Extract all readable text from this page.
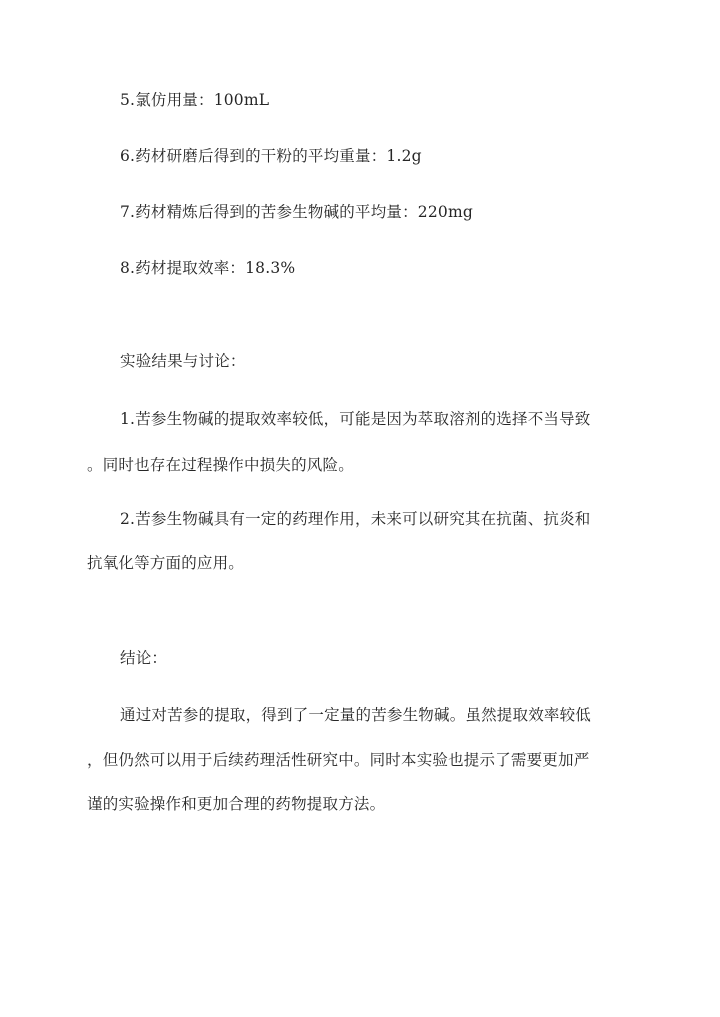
5.氯仿用量：100mL
6.药材研磨后得到的干粉的平均重量：1.2g
7.药材精炼后得到的苦参生物碱的平均量：220mg
8.药材提取效率：18.3%
实验结果与讨论：
1.苦参生物碱的提取效率较低，可能是因为萃取溶剂的选择不当导致
。同时也存在过程操作中损失的风险。
2.苦参生物碱具有一定的药理作用，未来可以研究其在抗菌、抗炎和
抗氧化等方面的应用。
结论：
通过对苦参的提取，得到了一定量的苦参生物碱。虽然提取效率较低
，但仍然可以用于后续药理活性研究中。同时本实验也提示了需要更加严
谨的实验操作和更加合理的药物提取方法。
